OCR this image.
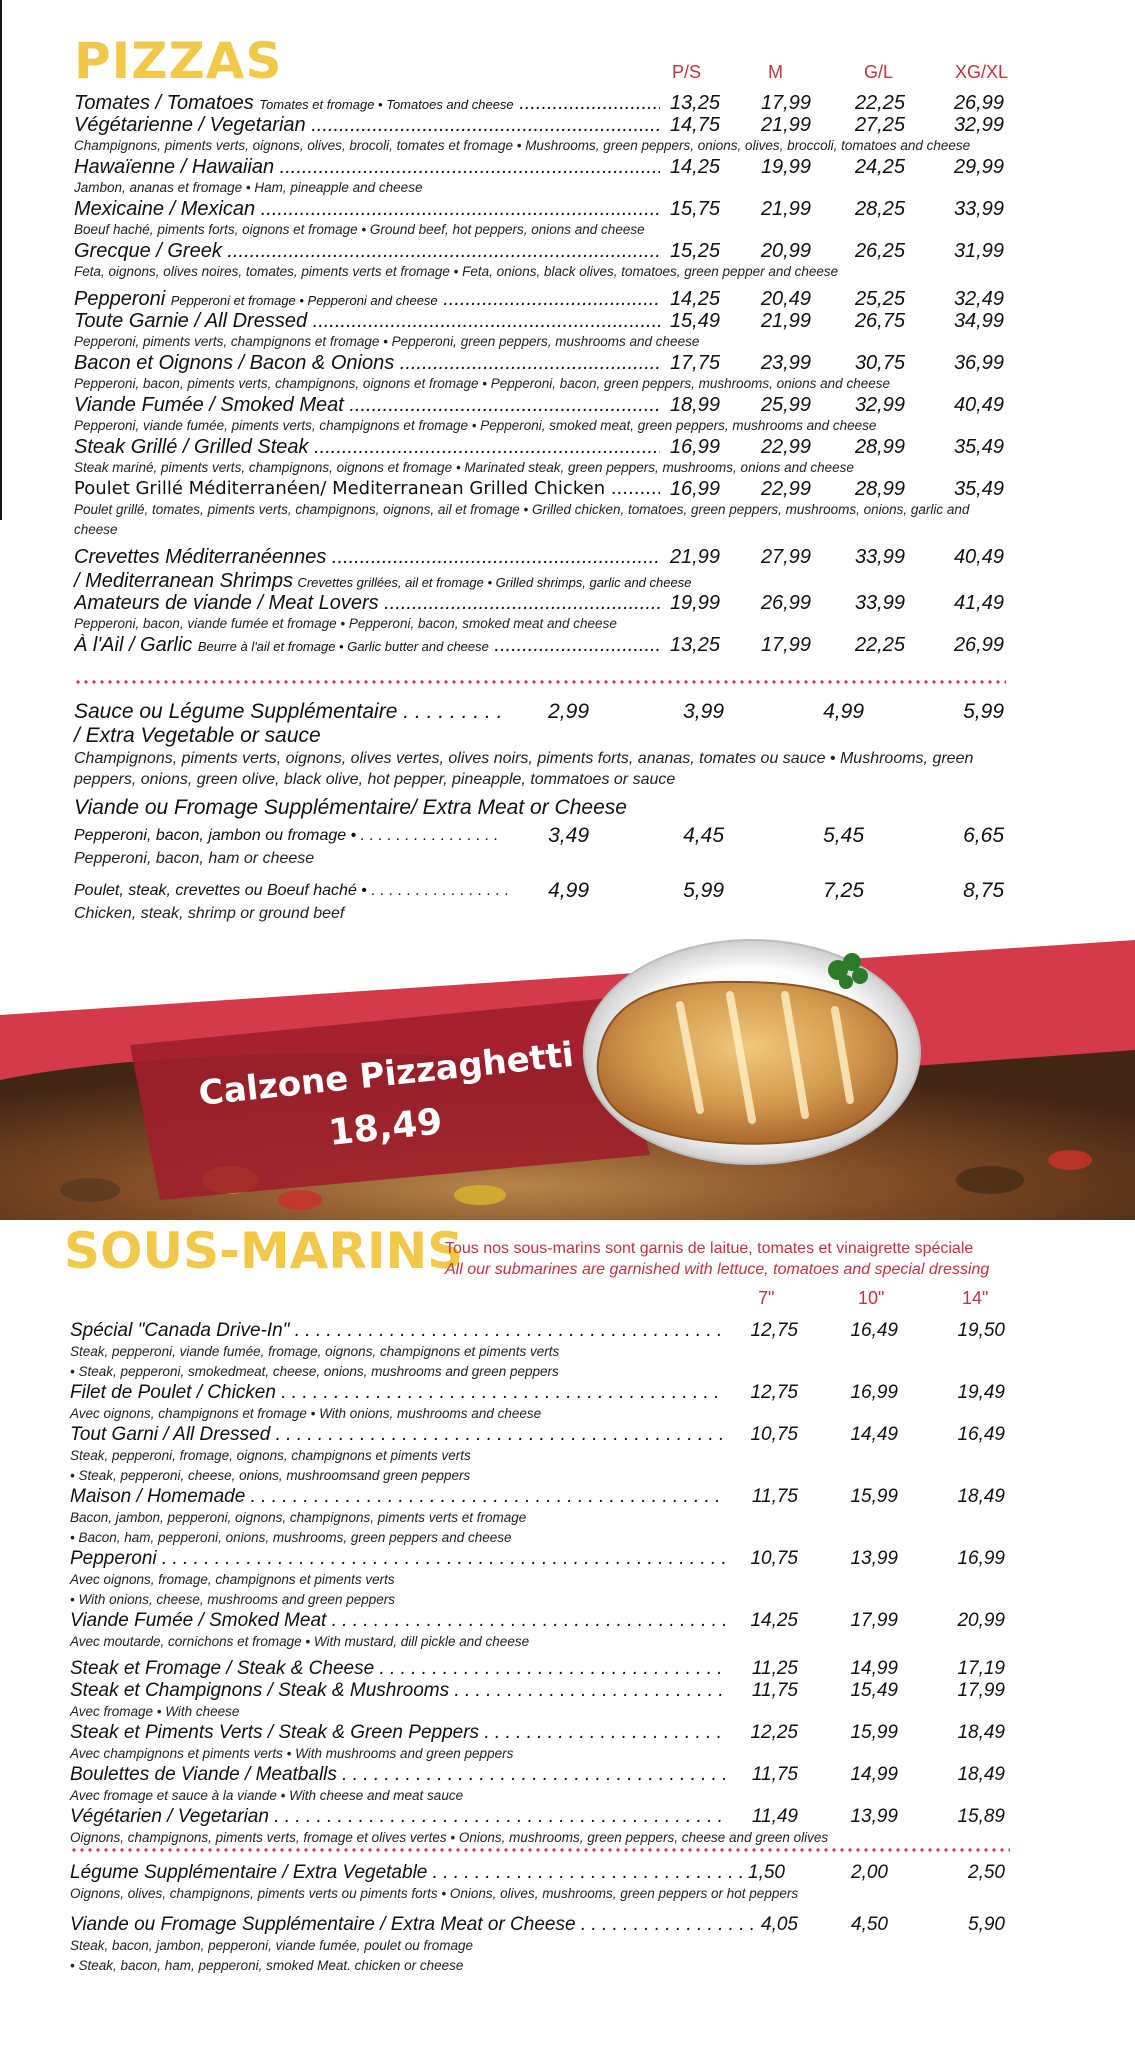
PIZZAS	P/S	M	G/L	XG/XL
Tomates / Tomatoes Tomates et fromage • Tomatoes and cheese .....	13,25	17,99	22,25	26,99
Végétarienne / Vegetarian .....	14,75	21,99	27,25	32,99
Champignons, piments verts, oignons, olives, brocoli, tomates et fromage • Mushrooms, green peppers, onions, olives, broccoli, tomatoes and cheese
Hawaïenne / Hawaiian .....	14,25	19,99	24,25	29,99
Jambon, ananas et fromage • Ham, pineapple and cheese
Mexicaine / Mexican .....	15,75	21,99	28,25	33,99
Boeuf haché, piments forts, oignons et fromage • Ground beef, hot peppers, onions and cheese
Grecque / Greek .....	15,25	20,99	26,25	31,99
Feta, oignons, olives noires, tomates, piments verts et fromage • Feta, onions, black olives, tomatoes, green pepper and cheese
Pepperoni Pepperoni et fromage • Pepperoni and cheese .....	14,25	20,49	25,25	32,49
Toute Garnie / All Dressed .....	15,49	21,99	26,75	34,99
Pepperoni, piments verts, champignons et fromage • Pepperoni, green peppers, mushrooms and cheese
Bacon et Oignons / Bacon & Onions .....	17,75	23,99	30,75	36,99
Pepperoni, bacon, piments verts, champignons, oignons et fromage • Pepperoni, bacon, green peppers, mushrooms, onions and cheese
Viande Fumée / Smoked Meat .....	18,99	25,99	32,99	40,49
Pepperoni, viande fumée, piments verts, champignons et fromage • Pepperoni, smoked meat, green peppers, mushrooms and cheese
Steak Grillé / Grilled Steak .....	16,99	22,99	28,99	35,49
Steak mariné, piments verts, champignons, oignons et fromage • Marinated steak, green peppers, mushrooms, onions and cheese
Poulet Grillé Méditerranéen/ Mediterranean Grilled Chicken .....	16,99	22,99	28,99	35,49
Poulet grillé, tomates, piments verts, champignons, oignons, ail et fromage • Grilled chicken, tomatoes, green peppers, mushrooms, onions, garlic and cheese
Crevettes Méditerranéennes .....	21,99	27,99	33,99	40,49
/ Mediterranean Shrimps Crevettes grillées, ail et fromage • Grilled shrimps, garlic and cheese
Amateurs de viande / Meat Lovers .....	19,99	26,99	33,99	41,49
Pepperoni, bacon, viande fumée et fromage • Pepperoni, bacon, smoked meat and cheese
À l'Ail / Garlic Beurre à l'ail et fromage • Garlic butter and cheese .....	13,25	17,99	22,25	26,99
Sauce ou Légume Supplémentaire . . . . . . . . .	2,99	3,99	4,99	5,99
/ Extra Vegetable or sauce
Champignons, piments verts, oignons, olives vertes, olives noirs, piments forts, ananas, tomates ou sauce • Mushrooms, green peppers, onions, green olive, black olive, hot pepper, pineapple, tommatoes or sauce
Viande ou Fromage Supplémentaire/ Extra Meat or Cheese
Pepperoni, bacon, jambon ou fromage • . . . . . . . . . . . . . . . .	3,49	4,45	5,45	6,65
Pepperoni, bacon, ham or cheese
Poulet, steak, crevettes ou Boeuf haché • . . . . . . . . . . . . . . . .	4,99	5,99	7,25	8,75
Chicken, steak, shrimp or ground beef
Calzone Pizzaghetti
18,49
SOUS-MARINS
Tous nos sous-marins sont garnis de laitue, tomates et vinaigrette spéciale
All our submarines are garnished with lettuce, tomatoes and special dressing
7"	10"	14"
Spécial "Canada Drive-In" . . .	12,75	16,49	19,50
Steak, pepperoni, viande fumée, fromage, oignons, champignons et piments verts
• Steak, pepperoni, smokedmeat, cheese, onions, mushrooms and green peppers
Filet de Poulet / Chicken . . .	12,75	16,99	19,49
Avec oignons, champignons et fromage • With onions, mushrooms and cheese
Tout Garni / All Dressed . . .	10,75	14,49	16,49
Steak, pepperoni, fromage, oignons, champignons et piments verts
• Steak, pepperoni, cheese, onions, mushroomsand green peppers
Maison / Homemade . . .	11,75	15,99	18,49
Bacon, jambon, pepperoni, oignons, champignons, piments verts et fromage
• Bacon, ham, pepperoni, onions, mushrooms, green peppers and cheese
Pepperoni . . .	10,75	13,99	16,99
Avec oignons, fromage, champignons et piments verts
• With onions, cheese, mushrooms and green peppers
Viande Fumée / Smoked Meat . . .	14,25	17,99	20,99
Avec moutarde, cornichons et fromage • With mustard, dill pickle and cheese
Steak et Fromage / Steak & Cheese . . .	11,25	14,99	17,19
Steak et Champignons / Steak & Mushrooms . . .	11,75	15,49	17,99
Avec fromage • With cheese
Steak et Piments Verts / Steak & Green Peppers . . .	12,25	15,99	18,49
Avec champignons et piments verts • With mushrooms and green peppers
Boulettes de Viande / Meatballs . . .	11,75	14,99	18,49
Avec fromage et sauce à la viande • With cheese and meat sauce
Végétarien / Vegetarian . . .	11,49	13,99	15,89
Oignons, champignons, piments verts, fromage et olives vertes • Onions, mushrooms, green peppers, cheese and green olives
Légume Supplémentaire / Extra Vegetable . . .	1,50	2,00	2,50
Oignons, olives, champignons, piments verts ou piments forts • Onions, olives, mushrooms, green peppers or hot peppers
Viande ou Fromage Supplémentaire / Extra Meat or Cheese . . .	4,05	4,50	5,90
Steak, bacon, jambon, pepperoni, viande fumée, poulet ou fromage
• Steak, bacon, ham, pepperoni, smoked Meat. chicken or cheese
